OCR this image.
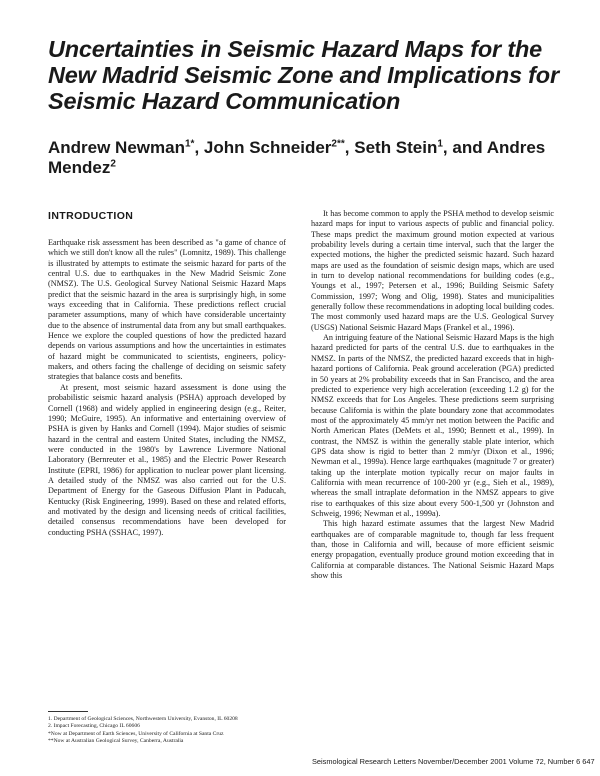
Uncertainties in Seismic Hazard Maps for the New Madrid Seismic Zone and Implications for Seismic Hazard Communication
Andrew Newman$^{1*}$, John Schneider$^{2**}$, Seth Stein$^1$, and Andres Mendez$^2$
INTRODUCTION

Earthquake risk assessment has been described as "a game of chance of which we still don't know all the rules" (Lomnitz, 1989). This challenge is illustrated by attempts to estimate the seismic hazard for parts of the central U.S. due to earthquakes in the New Madrid Seismic Zone (NMSZ). The U.S. Geological Survey National Seismic Hazard Maps predict that the seismic hazard in the area is surprisingly high, in some ways exceeding that in California. These predictions reflect crucial parameter assumptions, many of which have considerable uncertainty due to the absence of instrumental data from any but small earthquakes. Hence we explore the coupled questions of how the predicted hazard depends on various assumptions and how the uncertainties in estimates of hazard might be communicated to scientists, engineers, policy-makers, and others facing the challenge of deciding on seismic safety strategies that balance costs and benefits.

At present, most seismic hazard assessment is done using the probabilistic seismic hazard analysis (PSHA) approach developed by Cornell (1968) and widely applied in engineering design (e.g., Reiter, 1990; McGuire, 1995). An informative and entertaining overview of PSHA is given by Hanks and Cornell (1994). Major studies of seismic hazard in the central and eastern United States, including the NMSZ, were conducted in the 1980's by Lawrence Livermore National Laboratory (Bernreuter et al., 1985) and the Electric Power Research Institute (EPRI, 1986) for application to nuclear power plant licensing. A detailed study of the NMSZ was also carried out for the U.S. Department of Energy for the Gaseous Diffusion Plant in Paducah, Kentucky (Risk Engineering, 1999). Based on these and related efforts, and motivated by the design and licensing needs of critical facilities, detailed consensus recommendations have been developed for conducting PSHA (SSHAC, 1997).

It has become common to apply the PSHA method to develop seismic hazard maps for input to various aspects of public and financial policy. These maps predict the maximum ground motion expected at various probability levels during a certain time interval, such that the larger the expected motions, the higher the predicted seismic hazard. Such hazard maps are used as the foundation of seismic design maps, which are used in turn to develop national recommendations for building codes (e.g., Youngs et al., 1997; Petersen et al., 1996; Building Seismic Safety Commission, 1997; Wong and Olig, 1998). States and municipalities generally follow these recommendations in adopting local building codes. The most commonly used hazard maps are the U.S. Geological Survey (USGS) National Seismic Hazard Maps (Frankel et al., 1996).

An intriguing feature of the National Seismic Hazard Maps is the high hazard predicted for parts of the central U.S. due to earthquakes in the NMSZ. In parts of the NMSZ, the predicted hazard exceeds that in high-hazard portions of California. Peak ground acceleration (PGA) predicted in 50 years at 2% probability exceeds that in San Francisco, and the area predicted to experience very high acceleration (exceeding 1.2 g) for the NMSZ exceeds that for Los Angeles. These predictions seem surprising because California is within the plate boundary zone that accommodates most of the approximately 45 mm/yr net motion between the Pacific and North American Plates (DeMets et al., 1990; Bennett et al., 1999). In contrast, the NMSZ is within the generally stable plate interior, which GPS data show is rigid to better than 2 mm/yr (Dixon et al., 1996; Newman et al., 1999a). Hence large earthquakes (magnitude 7 or greater) taking up the interplate motion typically recur on major faults in California with mean recurrence of 100-200 yr (e.g., Sieh et al., 1989), whereas the small intraplate deformation in the NMSZ appears to give rise to earthquakes of this size about every 500-1,500 yr (Johnston and Schweig, 1996; Newman et al., 1999a).

This high hazard estimate assumes that the largest New Madrid earthquakes are of comparable magnitude to, though far less frequent than, those in California and will, because of more efficient seismic energy propagation, eventually produce ground motion exceeding that in California at comparable distances. The National Seismic Hazard Maps show this

1. Department of Geological Sciences, Northwestern University, Evanston, IL 60208
2. Impact Forecasting, Chicago IL 60606
*Now at Department of Earth Sciences, University of California at Santa Cruz
**Now at Australian Geological Survey, Canberra, Australia
Seismological Research Letters November/December 2001 Volume 72, Number 6 647
